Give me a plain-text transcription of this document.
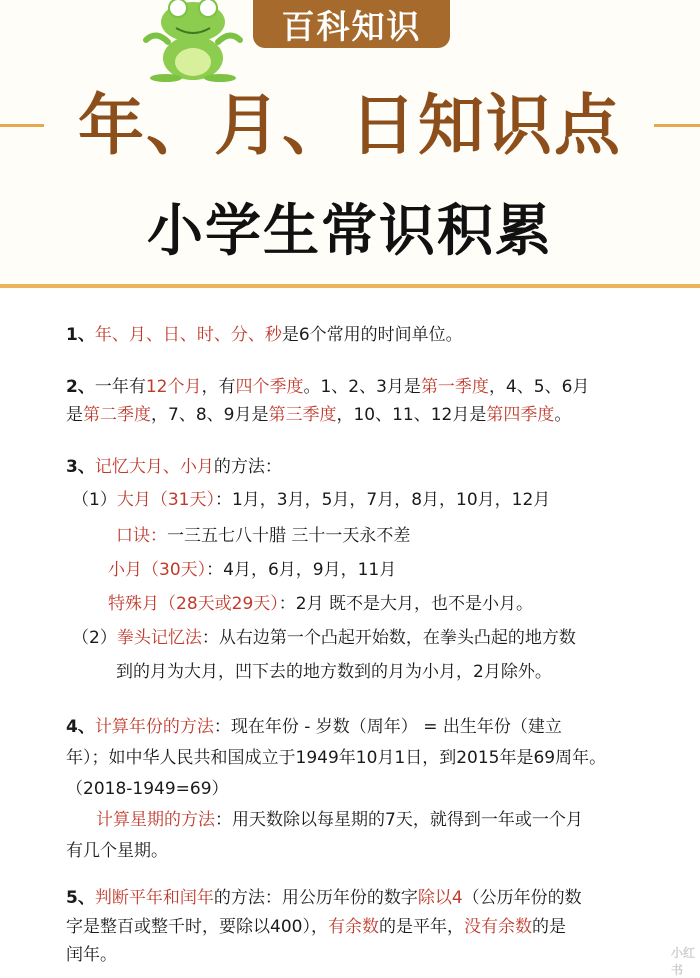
百科知识
年、月、日知识点
小学生常识积累
1、年、月、日、时、分、秒是6个常用的时间单位。
2、一年有12个月，有四个季度。1、2、3月是第一季度，4、5、6月
是第二季度，7、8、9月是第三季度，10、11、12月是第四季度。
3、记忆大月、小月的方法：
（1）大月（31天）：1月，3月，5月，7月，8月，10月，12月
口诀：一三五七八十腊 三十一天永不差
小月（30天）：4月，6月，9月，11月
特殊月（28天或29天）：2月 既不是大月，也不是小月。
（2）拳头记忆法：从右边第一个凸起开始数，在拳头凸起的地方数
到的月为大月，凹下去的地方数到的月为小月，2月除外。
4、计算年份的方法：现在年份 - 岁数（周年） = 出生年份（建立
年）；如中华人民共和国成立于1949年10月1日，到2015年是69周年。
（2018-1949=69）
计算星期的方法：用天数除以每星期的7天，就得到一年或一个月
有几个星期。
5、判断平年和闰年的方法：用公历年份的数字除以4（公历年份的数
字是整百或整千时，要除以400），有余数的是平年，没有余数的是
闰年。	小红书
